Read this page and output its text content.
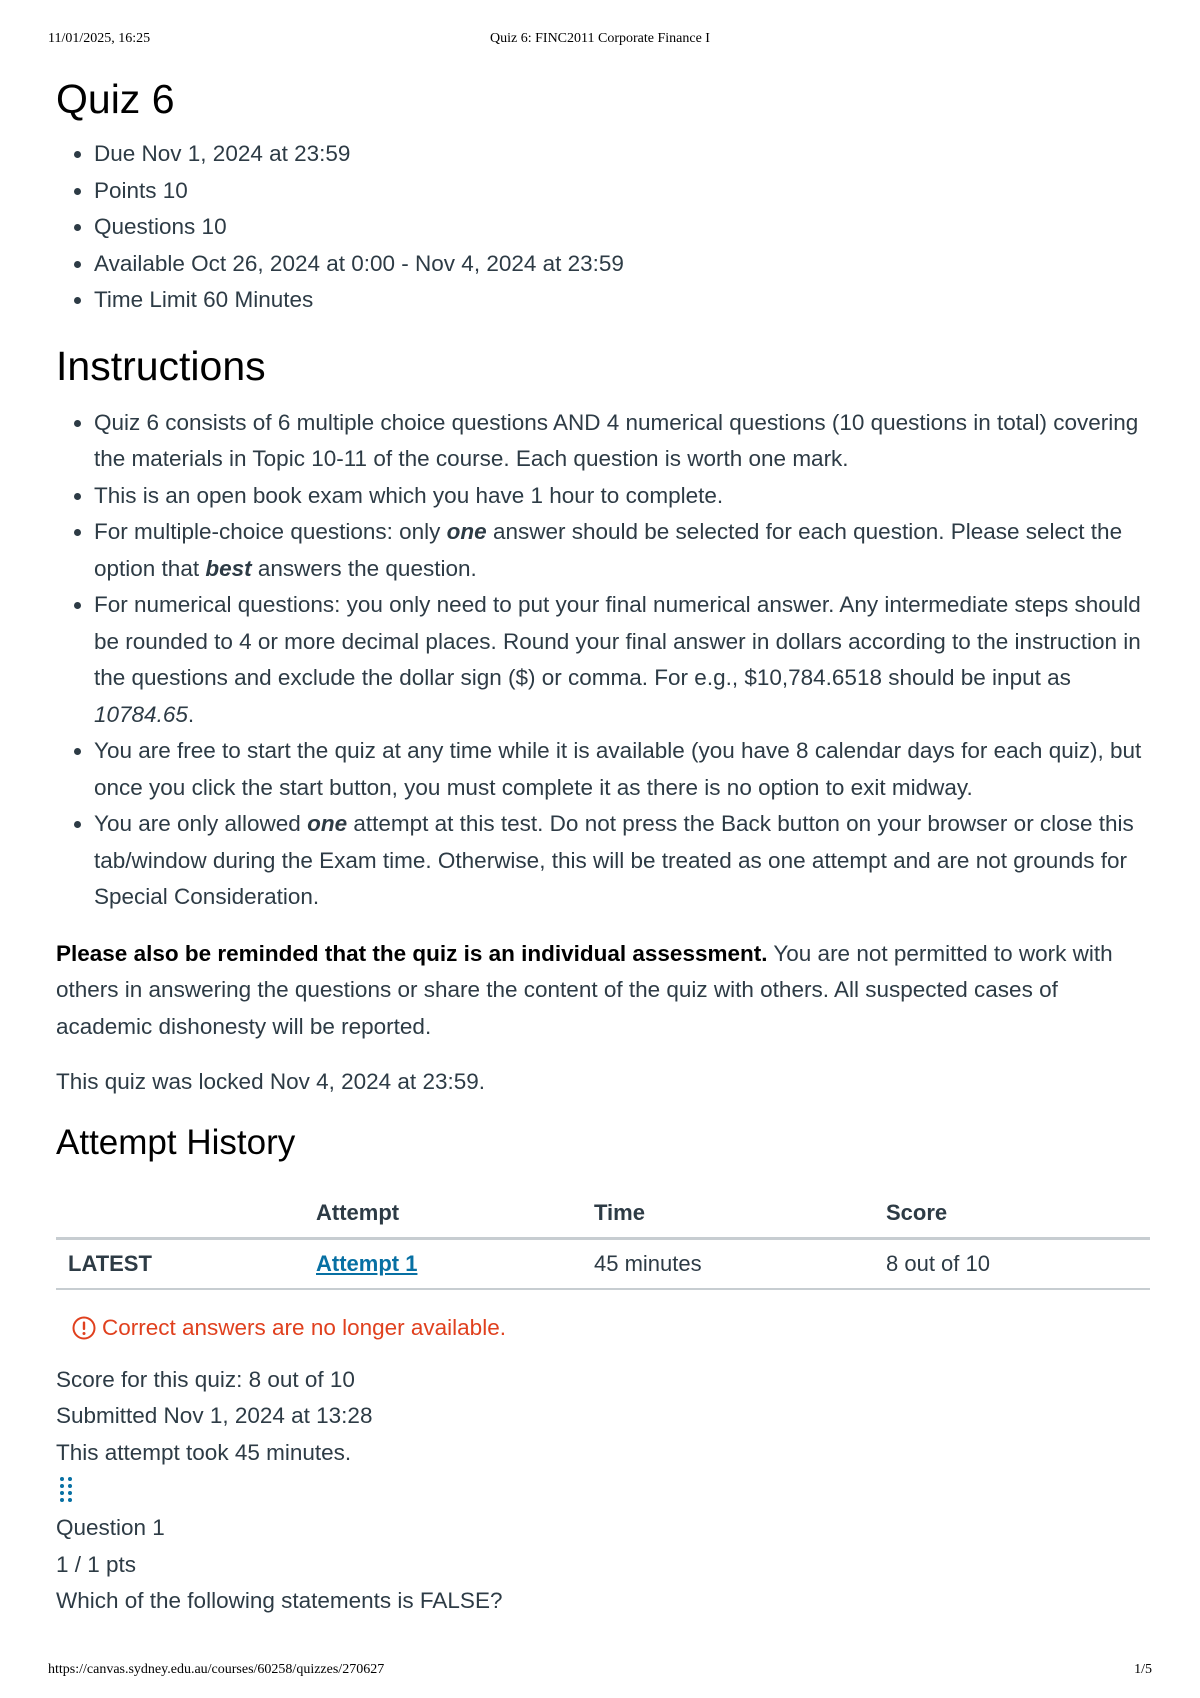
11/01/2025, 16:25	Quiz 6: FINC2011 Corporate Finance I
Quiz 6
• Due Nov 1, 2024 at 23:59
• Points 10
• Questions 10
• Available Oct 26, 2024 at 0:00 - Nov 4, 2024 at 23:59
• Time Limit 60 Minutes
Instructions
• Quiz 6 consists of 6 multiple choice questions AND 4 numerical questions (10 questions in total) covering the materials in Topic 10-11 of the course. Each question is worth one mark.
• This is an open book exam which you have 1 hour to complete.
• For multiple-choice questions: only one answer should be selected for each question. Please select the option that best answers the question.
• For numerical questions: you only need to put your final numerical answer. Any intermediate steps should be rounded to 4 or more decimal places. Round your final answer in dollars according to the instruction in the questions and exclude the dollar sign ($) or comma. For e.g., $10,784.6518 should be input as 10784.65.
• You are free to start the quiz at any time while it is available (you have 8 calendar days for each quiz), but once you click the start button, you must complete it as there is no option to exit midway.
• You are only allowed one attempt at this test. Do not press the Back button on your browser or close this tab/window during the Exam time. Otherwise, this will be treated as one attempt and are not grounds for Special Consideration.

Please also be reminded that the quiz is an individual assessment. You are not permitted to work with others in answering the questions or share the content of the quiz with others. All suspected cases of academic dishonesty will be reported.

This quiz was locked Nov 4, 2024 at 23:59.

Attempt History
	Attempt	Time	Score
LATEST	Attempt 1	45 minutes	8 out of 10
Correct answers are no longer available.
Score for this quiz: 8 out of 10
Submitted Nov 1, 2024 at 13:28
This attempt took 45 minutes.
Question 1
1 / 1 pts
Which of the following statements is FALSE?
https://canvas.sydney.edu.au/courses/60258/quizzes/270627	1/5
